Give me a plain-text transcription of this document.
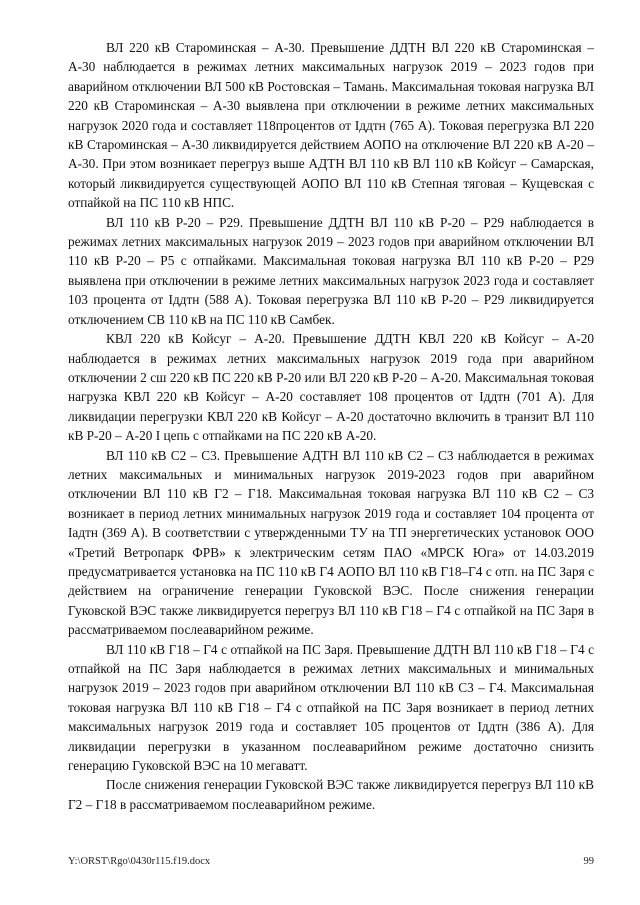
ВЛ 220 кВ Староминская – А-30. Превышение ДДТН ВЛ 220 кВ Староминская – А-30 наблюдается в режимах летних максимальных нагрузок 2019 – 2023 годов при аварийном отключении ВЛ 500 кВ Ростовская – Тамань. Максимальная токовая нагрузка ВЛ 220 кВ Староминская – А-30 выявлена при отключении в режиме летних максимальных нагрузок 2020 года и составляет 118процентов от Iддтн (765 А). Токовая перегрузка ВЛ 220 кВ Староминская – А-30 ликвидируется действием АОПО на отключение ВЛ 220 кВ А-20 – А-30. При этом возникает перегруз выше АДТН ВЛ 110 кВ ВЛ 110 кВ Койсуг – Самарская, который ликвидируется существующей АОПО ВЛ 110 кВ Степная тяговая – Кущевская с отпайкой на ПС 110 кВ НПС.

ВЛ 110 кВ Р-20 – Р29. Превышение ДДТН ВЛ 110 кВ Р-20 – Р29 наблюдается в режимах летних максимальных нагрузок 2019 – 2023 годов при аварийном отключении ВЛ 110 кВ Р-20 – Р5 с отпайками. Максимальная токовая нагрузка ВЛ 110 кВ Р-20 – Р29 выявлена при отключении в режиме летних максимальных нагрузок 2023 года и составляет 103 процента от Iддтн (588 А). Токовая перегрузка ВЛ 110 кВ Р-20 – Р29 ликвидируется отключением СВ 110 кВ на ПС 110 кВ Самбек.

КВЛ 220 кВ Койсуг – А-20. Превышение ДДТН КВЛ 220 кВ Койсуг – А-20 наблюдается в режимах летних максимальных нагрузок 2019 года при аварийном отключении 2 сш 220 кВ ПС 220 кВ Р-20 или ВЛ 220 кВ Р-20 – А-20. Максимальная токовая нагрузка КВЛ 220 кВ Койсуг – А-20 составляет 108 процентов от Iддтн (701 А). Для ликвидации перегрузки КВЛ 220 кВ Койсуг – А-20 достаточно включить в транзит ВЛ 110 кВ Р-20 – А-20 I цепь с отпайками на ПС 220 кВ А-20.

ВЛ 110 кВ С2 – С3. Превышение АДТН ВЛ 110 кВ С2 – С3 наблюдается в режимах летних максимальных и минимальных нагрузок 2019-2023 годов при аварийном отключении ВЛ 110 кВ Г2 – Г18. Максимальная токовая нагрузка ВЛ 110 кВ С2 – С3 возникает в период летних минимальных нагрузок 2019 года и составляет 104 процента от Iадтн (369 А). В соответствии с утвержденными ТУ на ТП энергетических установок ООО «Третий Ветропарк ФРВ» к электрическим сетям ПАО «МРСК Юга» от 14.03.2019 предусматривается установка на ПС 110 кВ Г4 АОПО ВЛ 110 кВ Г18–Г4 с отп. на ПС Заря с действием на ограничение генерации Гуковской ВЭС. После снижения генерации Гуковской ВЭС также ликвидируется перегруз ВЛ 110 кВ Г18 – Г4 с отпайкой на ПС Заря в рассматриваемом послеаварийном режиме.

ВЛ 110 кВ Г18 – Г4 с отпайкой на ПС Заря. Превышение ДДТН ВЛ 110 кВ Г18 – Г4 с отпайкой на ПС Заря наблюдается в режимах летних максимальных и минимальных нагрузок 2019 – 2023 годов при аварийном отключении ВЛ 110 кВ С3 – Г4. Максимальная токовая нагрузка ВЛ 110 кВ Г18 – Г4 с отпайкой на ПС Заря возникает в период летних максимальных нагрузок 2019 года и составляет 105 процентов от Iддтн (386 А). Для ликвидации перегрузки в указанном послеаварийном режиме достаточно снизить генерацию Гуковской ВЭС на 10 мегаватт.

После снижения генерации Гуковской ВЭС также ликвидируется перегруз ВЛ 110 кВ Г2 – Г18 в рассматриваемом послеаварийном режиме.

Y:\ORST\Rgo\0430r115.f19.docx	99
